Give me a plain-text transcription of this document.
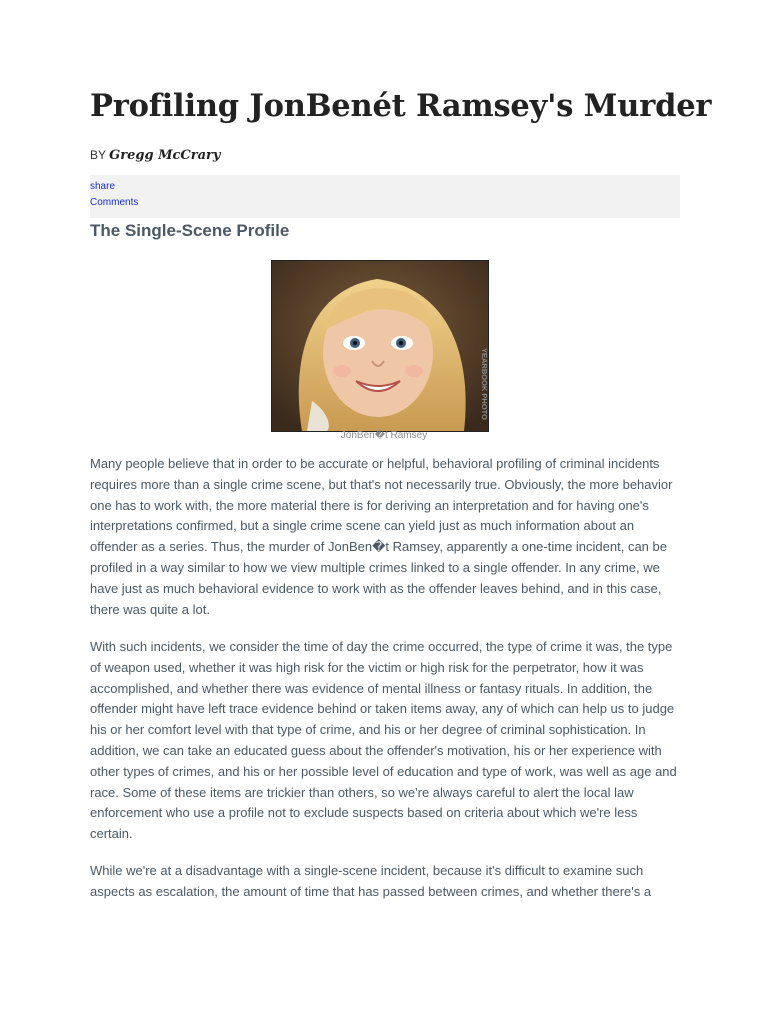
Profiling JonBenét Ramsey's Murder
BY Gregg McCrary
share
Comments
The Single-Scene Profile
YEARBOOK PHOTO
JonBen�t Ramsey

Many people believe that in order to be accurate or helpful, behavioral profiling of criminal incidents requires more than a single crime scene, but that's not necessarily true. Obviously, the more behavior one has to work with, the more material there is for deriving an interpretation and for having one's interpretations confirmed, but a single crime scene can yield just as much information about an offender as a series. Thus, the murder of JonBen�t Ramsey, apparently a one-time incident, can be profiled in a way similar to how we view multiple crimes linked to a single offender. In any crime, we have just as much behavioral evidence to work with as the offender leaves behind, and in this case, there was quite a lot.

With such incidents, we consider the time of day the crime occurred, the type of crime it was, the type of weapon used, whether it was high risk for the victim or high risk for the perpetrator, how it was accomplished, and whether there was evidence of mental illness or fantasy rituals. In addition, the offender might have left trace evidence behind or taken items away, any of which can help us to judge his or her comfort level with that type of crime, and his or her degree of criminal sophistication. In addition, we can take an educated guess about the offender's motivation, his or her experience with other types of crimes, and his or her possible level of education and type of work, was well as age and race. Some of these items are trickier than others, so we're always careful to alert the local law enforcement who use a profile not to exclude suspects based on criteria about which we're less certain.

While we're at a disadvantage with a single-scene incident, because it's difficult to examine such aspects as escalation, the amount of time that has passed between crimes, and whether there's a
